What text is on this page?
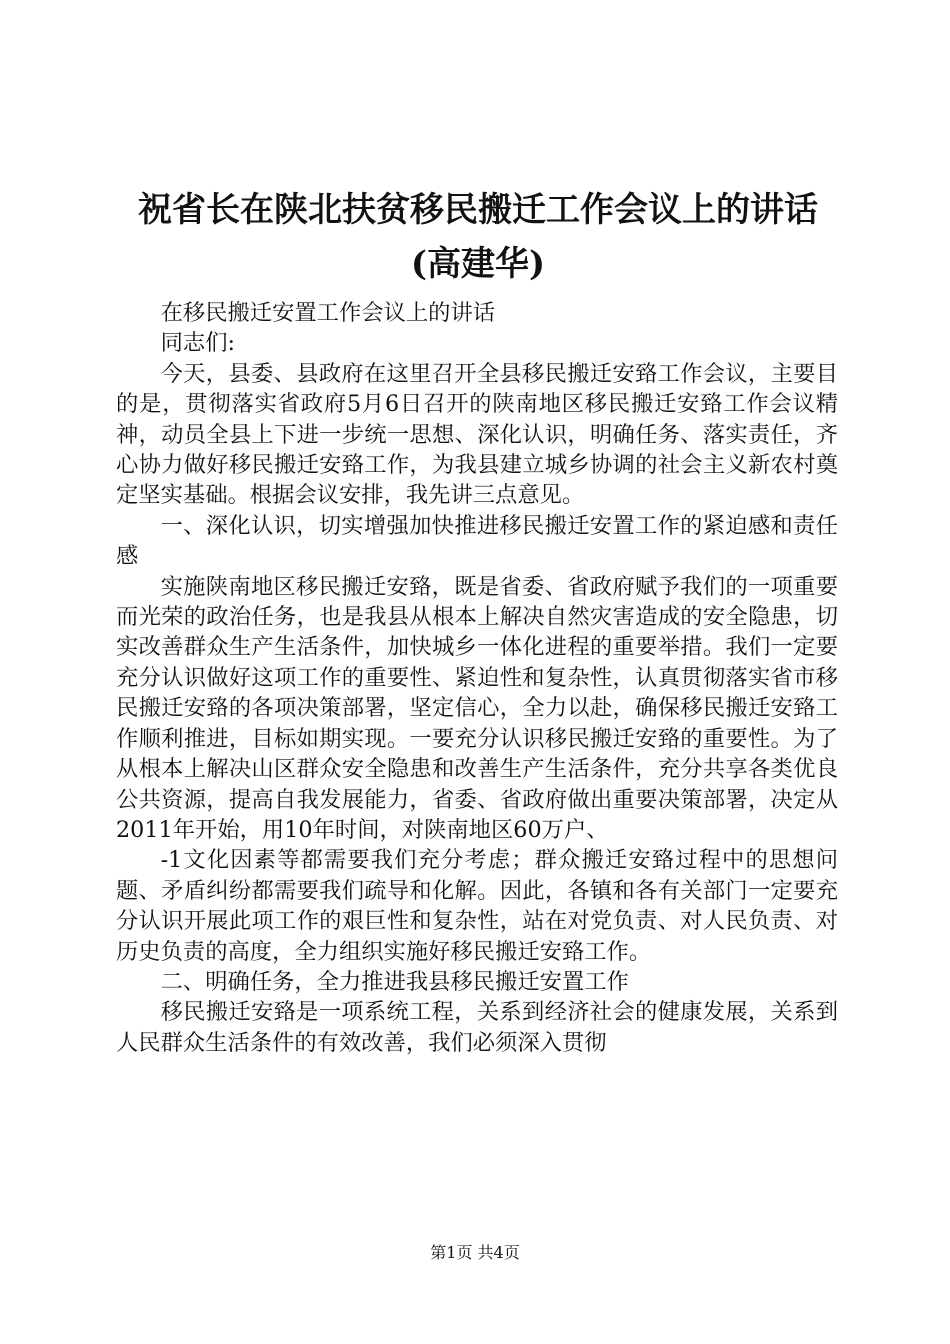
祝省长在陕北扶贫移民搬迁工作会议上的讲话
(高建华)

在移民搬迁安置工作会议上的讲话

同志们:

今天，县委、县政府在这里召开全县移民搬迁安臵工作会议，主要目的是，贯彻落实省政府5月6日召开的陕南地区移民搬迁安臵工作会议精神，动员全县上下进一步统一思想、深化认识，明确任务、落实责任，齐心协力做好移民搬迁安臵工作，为我县建立城乡协调的社会主义新农村奠定坚实基础。根据会议安排，我先讲三点意见。

一、深化认识，切实增强加快推进移民搬迁安置工作的紧迫感和责任感

实施陕南地区移民搬迁安臵，既是省委、省政府赋予我们的一项重要而光荣的政治任务，也是我县从根本上解决自然灾害造成的安全隐患，切实改善群众生产生活条件，加快城乡一体化进程的重要举措。我们一定要充分认识做好这项工作的重要性、紧迫性和复杂性，认真贯彻落实省市移民搬迁安臵的各项决策部署，坚定信心，全力以赴，确保移民搬迁安臵工作顺利推进，目标如期实现。一要充分认识移民搬迁安臵的重要性。为了从根本上解决山区群众安全隐患和改善生产生活条件，充分共享各类优良公共资源，提高自我发展能力，省委、省政府做出重要决策部署，决定从2011年开始，用10年时间，对陕南地区60万户、

-1文化因素等都需要我们充分考虑；群众搬迁安臵过程中的思想问题、矛盾纠纷都需要我们疏导和化解。因此，各镇和各有关部门一定要充分认识开展此项工作的艰巨性和复杂性，站在对党负责、对人民负责、对历史负责的高度，全力组织实施好移民搬迁安臵工作。

二、明确任务，全力推进我县移民搬迁安置工作

移民搬迁安臵是一项系统工程，关系到经济社会的健康发展，关系到人民群众生活条件的有效改善，我们必须深入贯彻

第1页 共4页
